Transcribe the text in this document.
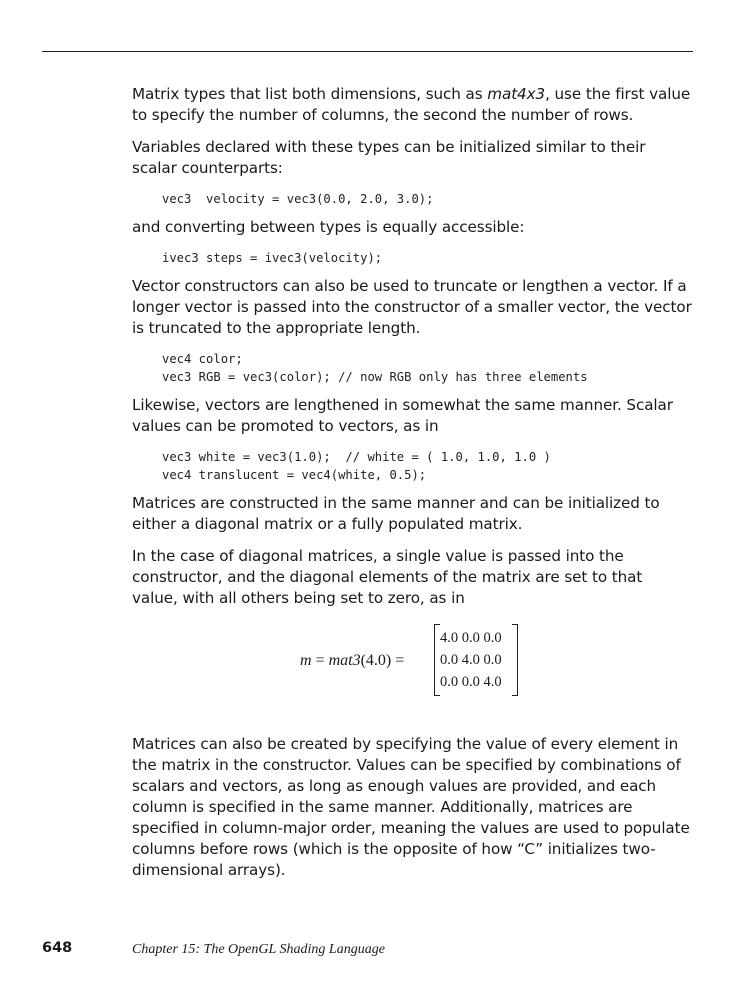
Matrix types that list both dimensions, such as mat4x3, use the first value to specify the number of columns, the second the number of rows.

Variables declared with these types can be initialized similar to their scalar counterparts:

vec3  velocity = vec3(0.0, 2.0, 3.0);

and converting between types is equally accessible:

ivec3 steps = ivec3(velocity);

Vector constructors can also be used to truncate or lengthen a vector. If a longer vector is passed into the constructor of a smaller vector, the vector is truncated to the appropriate length.

vec4 color;
vec3 RGB = vec3(color); // now RGB only has three elements

Likewise, vectors are lengthened in somewhat the same manner. Scalar values can be promoted to vectors, as in

vec3 white = vec3(1.0);  // white = ( 1.0, 1.0, 1.0 )
vec4 translucent = vec4(white, 0.5);

Matrices are constructed in the same manner and can be initialized to either a diagonal matrix or a fully populated matrix.

In the case of diagonal matrices, a single value is passed into the constructor, and the diagonal elements of the matrix are set to that value, with all others being set to zero, as in

m = mat3(4.0) =
4.0 0.0 0.0
0.0 4.0 0.0
0.0 0.0 4.0

Matrices can also be created by specifying the value of every element in the matrix in the constructor. Values can be specified by combinations of scalars and vectors, as long as enough values are provided, and each column is specified in the same manner. Additionally, matrices are specified in column-major order, meaning the values are used to populate columns before rows (which is the opposite of how “C” initializes two-dimensional arrays).

648	Chapter 15: The OpenGL Shading Language
